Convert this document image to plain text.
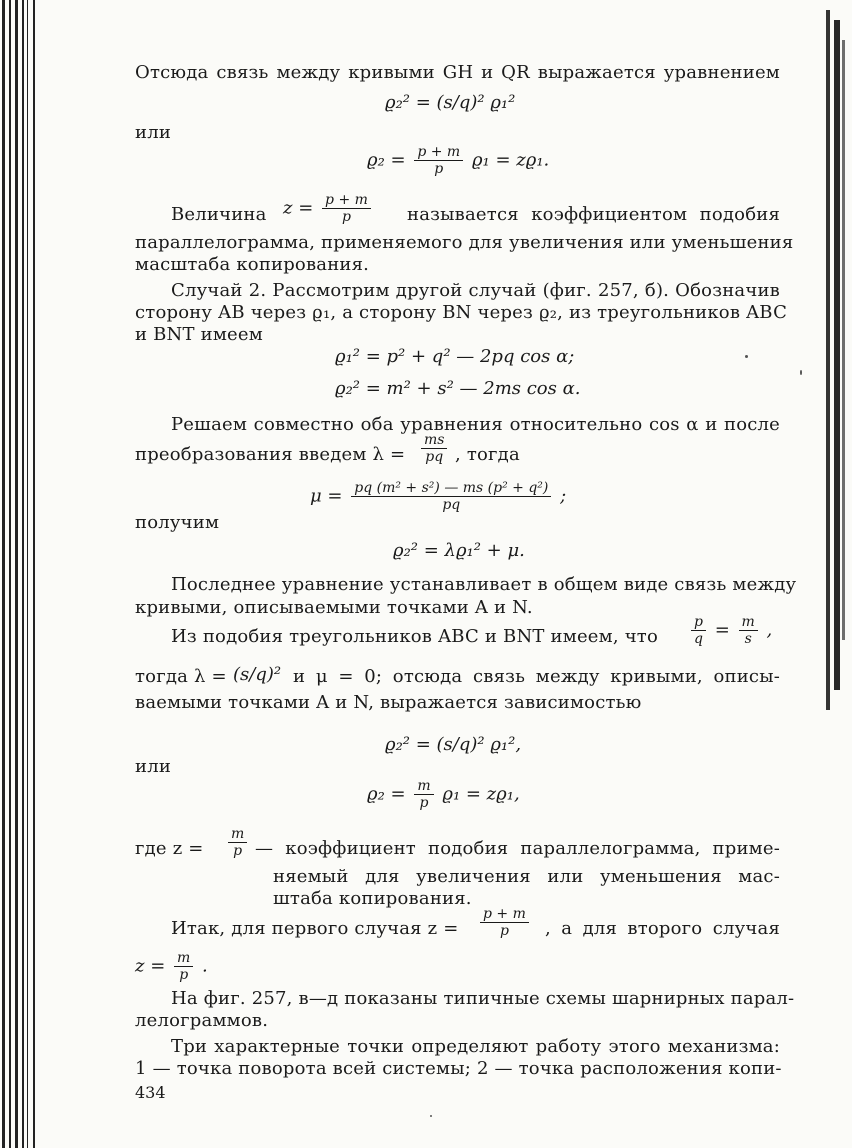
Отсюда связь между кривыми GH и QR выражается уравнением
ϱ₂² = (s/q)² ϱ₁²
или
$ϱ_2 = \frac{p + m}{p} ϱ_1 = zϱ_1$.
Величина $z = \frac{p + m}{p}$ называется коэффициентом подобия
параллелограмма, применяемого для увеличения или уменьшения
масштаба копирования.
Случай 2. Рассмотрим другой случай (фиг. 257, б). Обозначив
сторону AB через ϱ₁, а сторону BN через ϱ₂, из треугольников ABC
и BNT имеем
ϱ₁² = p² + q² — 2pq cos α;
ϱ₂² = m² + s² — 2ms cos α.
Решаем совместно оба уравнения относительно cos α и после
преобразования введем λ =	$\frac{ms}{pq}$ , тогда
$\mu = \frac{\text{pq (m² + s²) — ms (p² + q²)}}{pq}$ ;
получим
ϱ₂² = λϱ₁² + μ.
Последнее уравнение устанавливает в общем виде связь между
кривыми, описываемыми точками A и N.
Из подобия треугольников ABC и BNT имеем, что	$\frac{p}{q} = \frac{m}{s}$ ,
тогда λ = (s/q)² и μ = 0; отсюда связь между кривыми, описы-
ваемыми точками A и N, выражается зависимостью
ϱ₂² = (s/q)² ϱ₁²,
или
$ϱ_2 = \frac{m}{p} ϱ_1 = zϱ_1$,
где $z = \frac{m}{p}$ — коэффициент подобия параллелограмма, приме-
няемый для увеличения или уменьшения мас-
штаба копирования.
Итак, для первого случая $z = \frac{p + m}{p}$ , а для второго случая
$z = \frac{m}{p}$ .
На фиг. 257, в—д показаны типичные схемы шарнирных парал-
лелограммов.
Три характерные точки определяют работу этого механизма:
1 — точка поворота всей системы; 2 — точка расположения копи-
434
